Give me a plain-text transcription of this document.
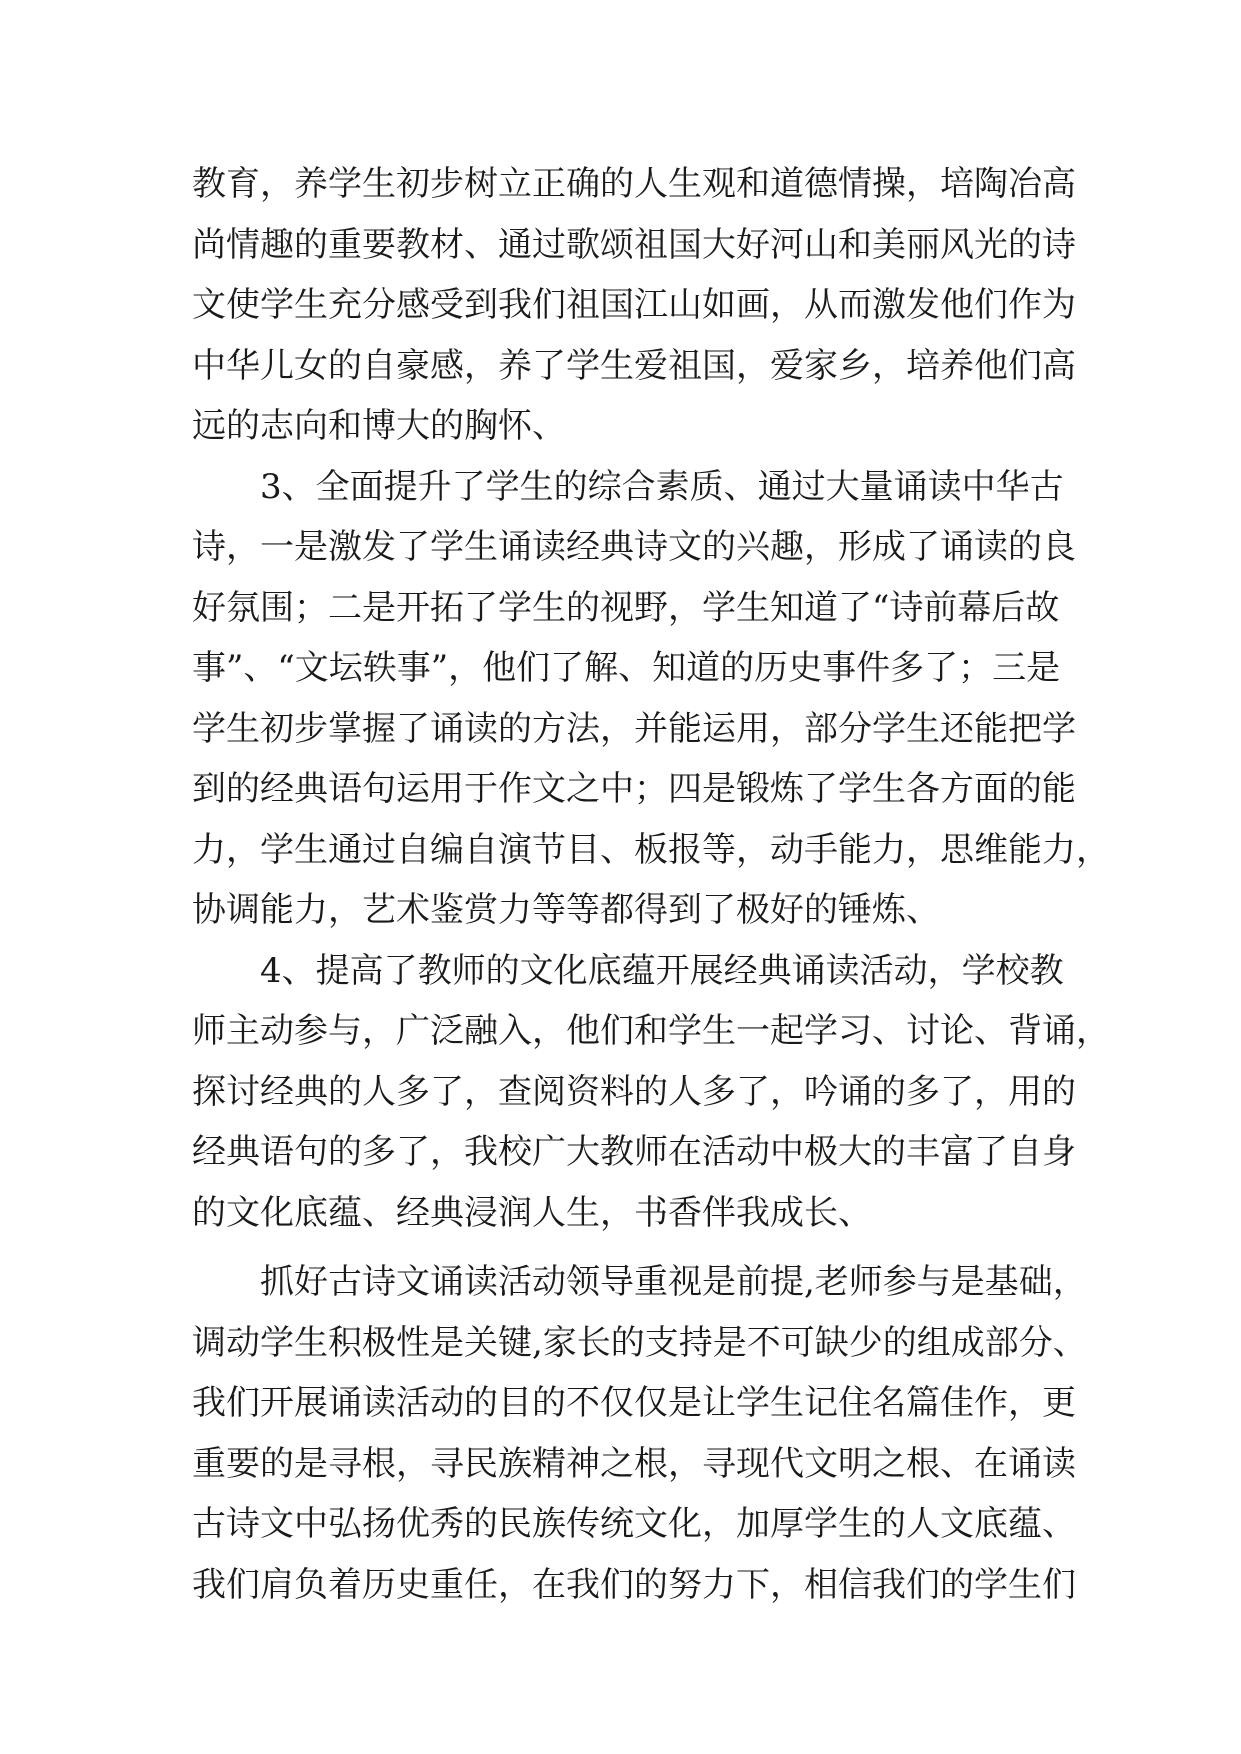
教育，养学生初步树立正确的人生观和道德情操，培陶冶高
尚情趣的重要教材、通过歌颂祖国大好河山和美丽风光的诗
文使学生充分感受到我们祖国江山如画，从而激发他们作为
中华儿女的自豪感，养了学生爱祖国，爱家乡，培养他们高
远的志向和博大的胸怀、
3、全面提升了学生的综合素质、通过大量诵读中华古
诗，一是激发了学生诵读经典诗文的兴趣，形成了诵读的良
好氛围；二是开拓了学生的视野，学生知道了“诗前幕后故
事”、“文坛轶事”，他们了解、知道的历史事件多了；三是
学生初步掌握了诵读的方法，并能运用，部分学生还能把学
到的经典语句运用于作文之中；四是锻炼了学生各方面的能
力，学生通过自编自演节目、板报等，动手能力，思维能力，
协调能力，艺术鉴赏力等等都得到了极好的锤炼、
4、提高了教师的文化底蕴开展经典诵读活动，学校教
师主动参与，广泛融入，他们和学生一起学习、讨论、背诵，
探讨经典的人多了，查阅资料的人多了，吟诵的多了，用的
经典语句的多了，我校广大教师在活动中极大的丰富了自身
的文化底蕴、经典浸润人生，书香伴我成长、
抓好古诗文诵读活动领导重视是前提,老师参与是基础，
调动学生积极性是关键,家长的支持是不可缺少的组成部分、
我们开展诵读活动的目的不仅仅是让学生记住名篇佳作，更
重要的是寻根，寻民族精神之根，寻现代文明之根、在诵读
古诗文中弘扬优秀的民族传统文化，加厚学生的人文底蕴、
我们肩负着历史重任，在我们的努力下，相信我们的学生们
